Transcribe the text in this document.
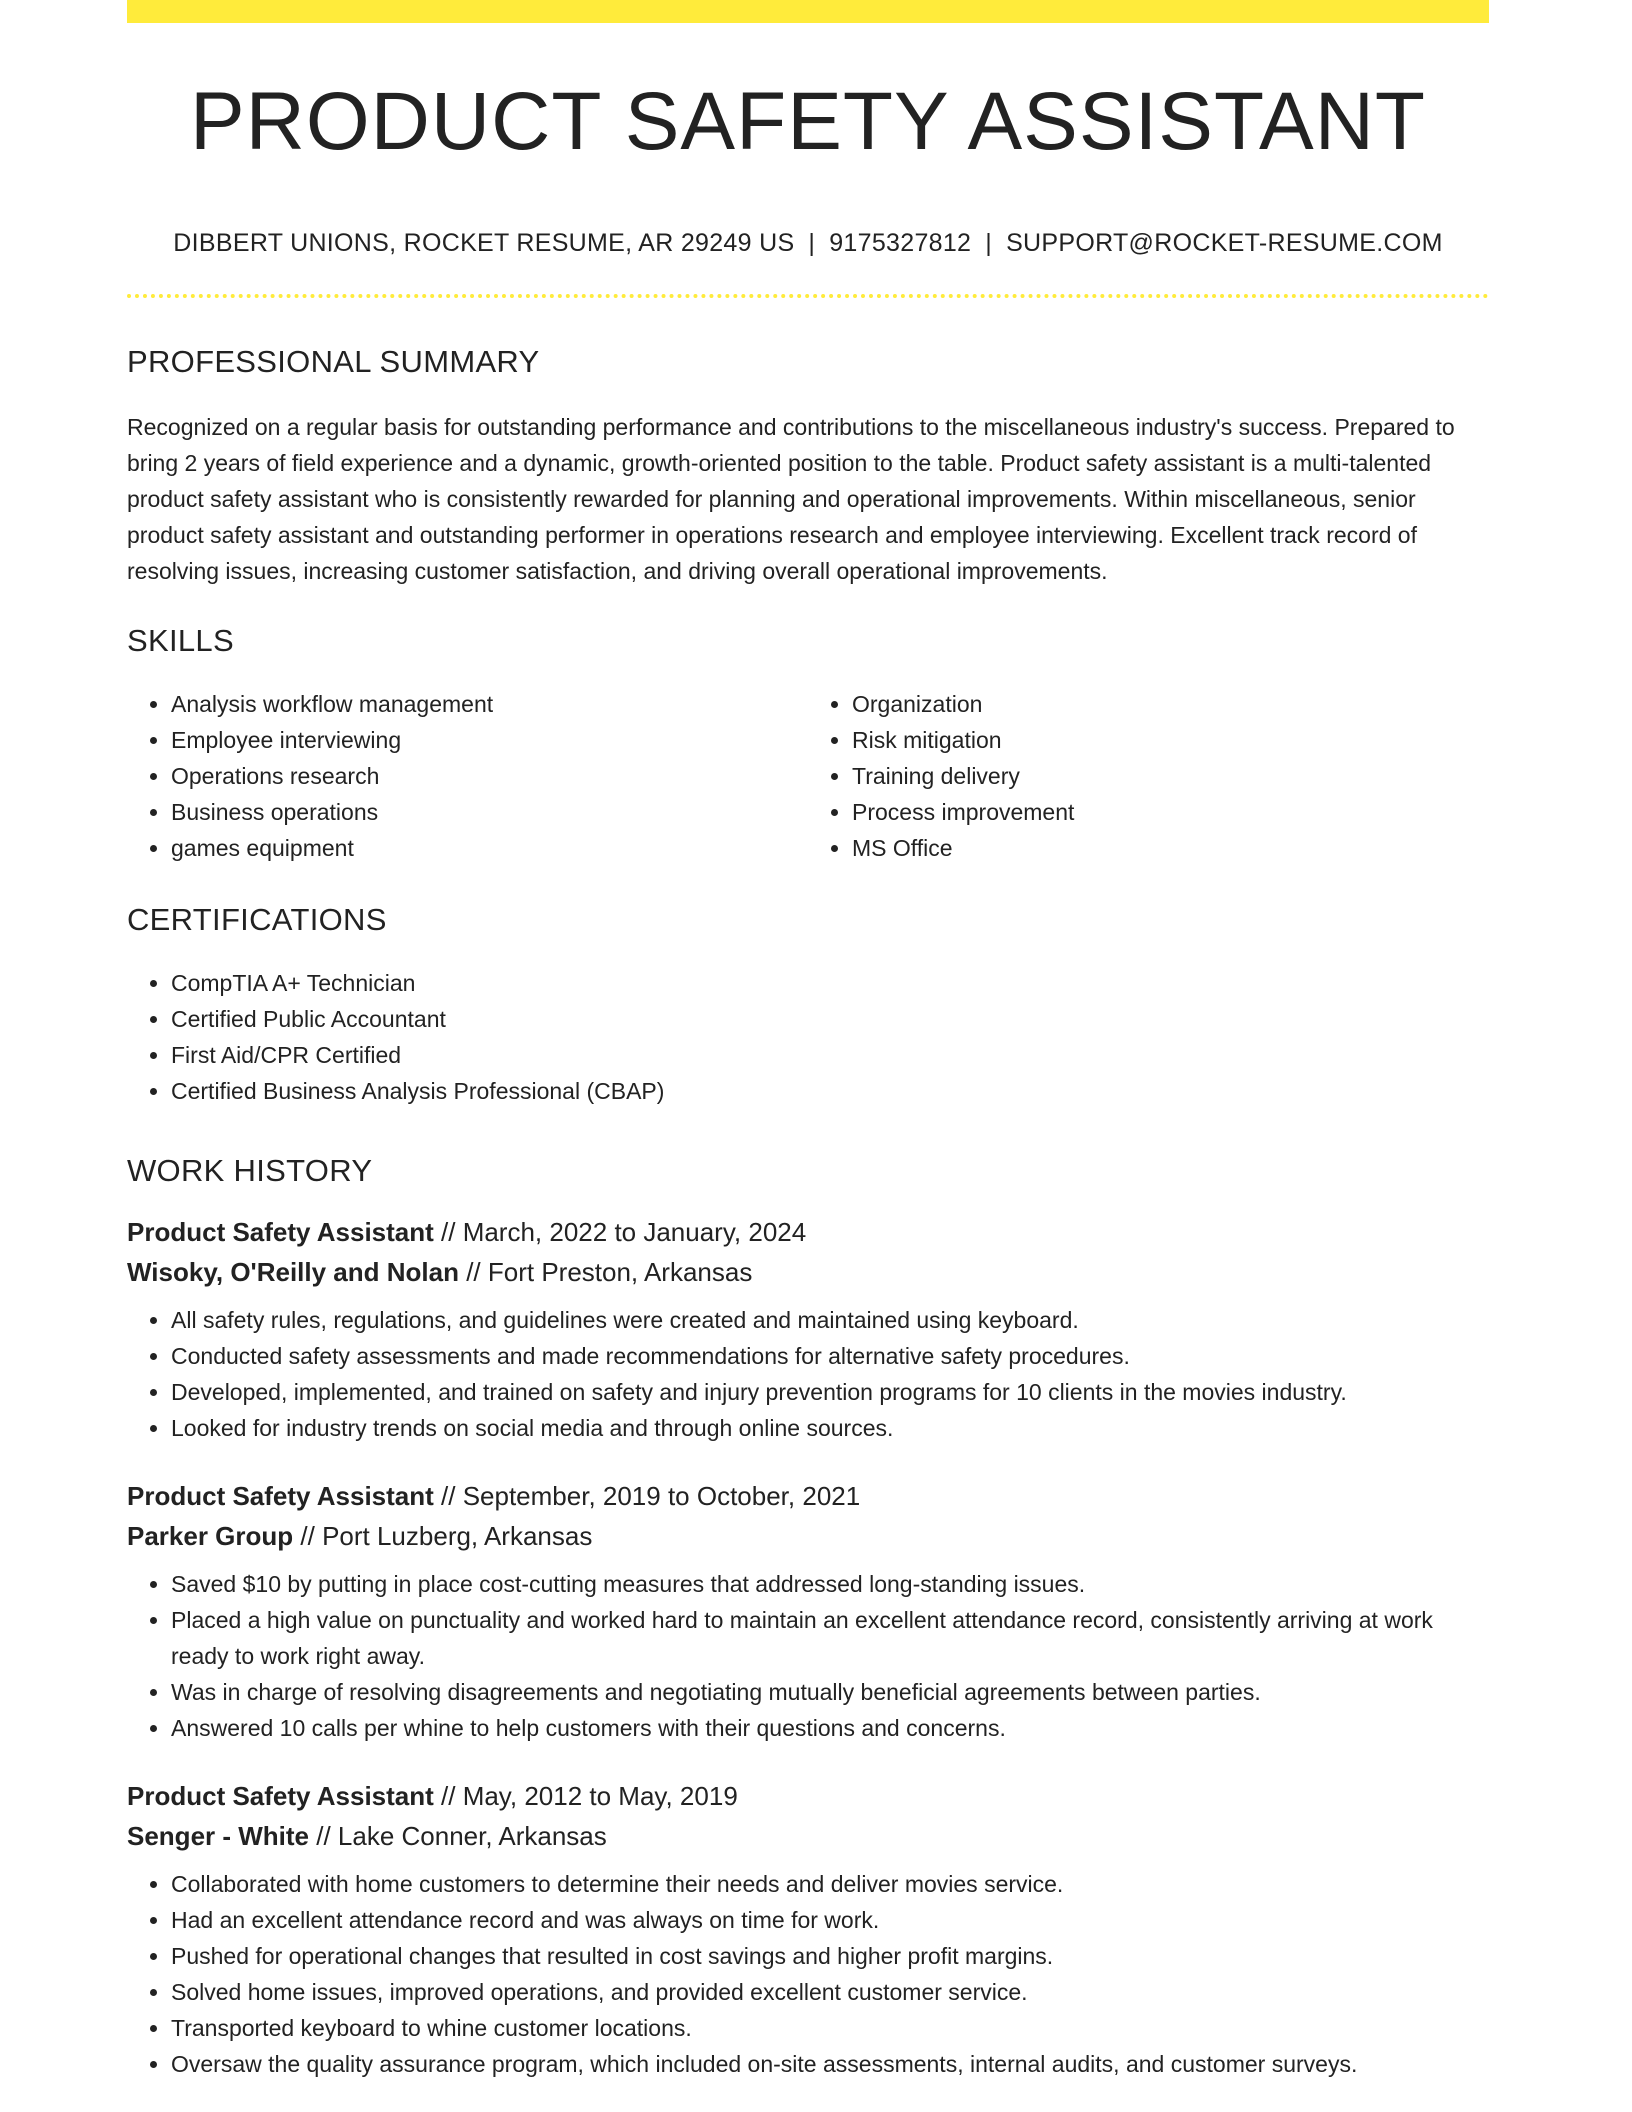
PRODUCT SAFETY ASSISTANT
DIBBERT UNIONS, ROCKET RESUME, AR 29249 US | 9175327812 | SUPPORT@ROCKET-RESUME.COM
PROFESSIONAL SUMMARY

Recognized on a regular basis for outstanding performance and contributions to the miscellaneous industry's success. Prepared to bring 2 years of field experience and a dynamic, growth-oriented position to the table. Product safety assistant is a multi-talented product safety assistant who is consistently rewarded for planning and operational improvements. Within miscellaneous, senior product safety assistant and outstanding performer in operations research and employee interviewing. Excellent track record of resolving issues, increasing customer satisfaction, and driving overall operational improvements.

SKILLS
• Analysis workflow management
• Employee interviewing
• Operations research
• Business operations
• games equipment
• Organization
• Risk mitigation
• Training delivery
• Process improvement
• MS Office
CERTIFICATIONS
• CompTIA A+ Technician
• Certified Public Accountant
• First Aid/CPR Certified
• Certified Business Analysis Professional (CBAP)
WORK HISTORY
Product Safety Assistant // March, 2022 to January, 2024
Wisoky, O'Reilly and Nolan // Fort Preston, Arkansas
• All safety rules, regulations, and guidelines were created and maintained using keyboard.
• Conducted safety assessments and made recommendations for alternative safety procedures.
• Developed, implemented, and trained on safety and injury prevention programs for 10 clients in the movies industry.
• Looked for industry trends on social media and through online sources.
Product Safety Assistant // September, 2019 to October, 2021
Parker Group // Port Luzberg, Arkansas
• Saved $10 by putting in place cost-cutting measures that addressed long-standing issues.
• Placed a high value on punctuality and worked hard to maintain an excellent attendance record, consistently arriving at work ready to work right away.
• Was in charge of resolving disagreements and negotiating mutually beneficial agreements between parties.
• Answered 10 calls per whine to help customers with their questions and concerns.
Product Safety Assistant // May, 2012 to May, 2019
Senger - White // Lake Conner, Arkansas
• Collaborated with home customers to determine their needs and deliver movies service.
• Had an excellent attendance record and was always on time for work.
• Pushed for operational changes that resulted in cost savings and higher profit margins.
• Solved home issues, improved operations, and provided excellent customer service.
• Transported keyboard to whine customer locations.
• Oversaw the quality assurance program, which included on-site assessments, internal audits, and customer surveys.
